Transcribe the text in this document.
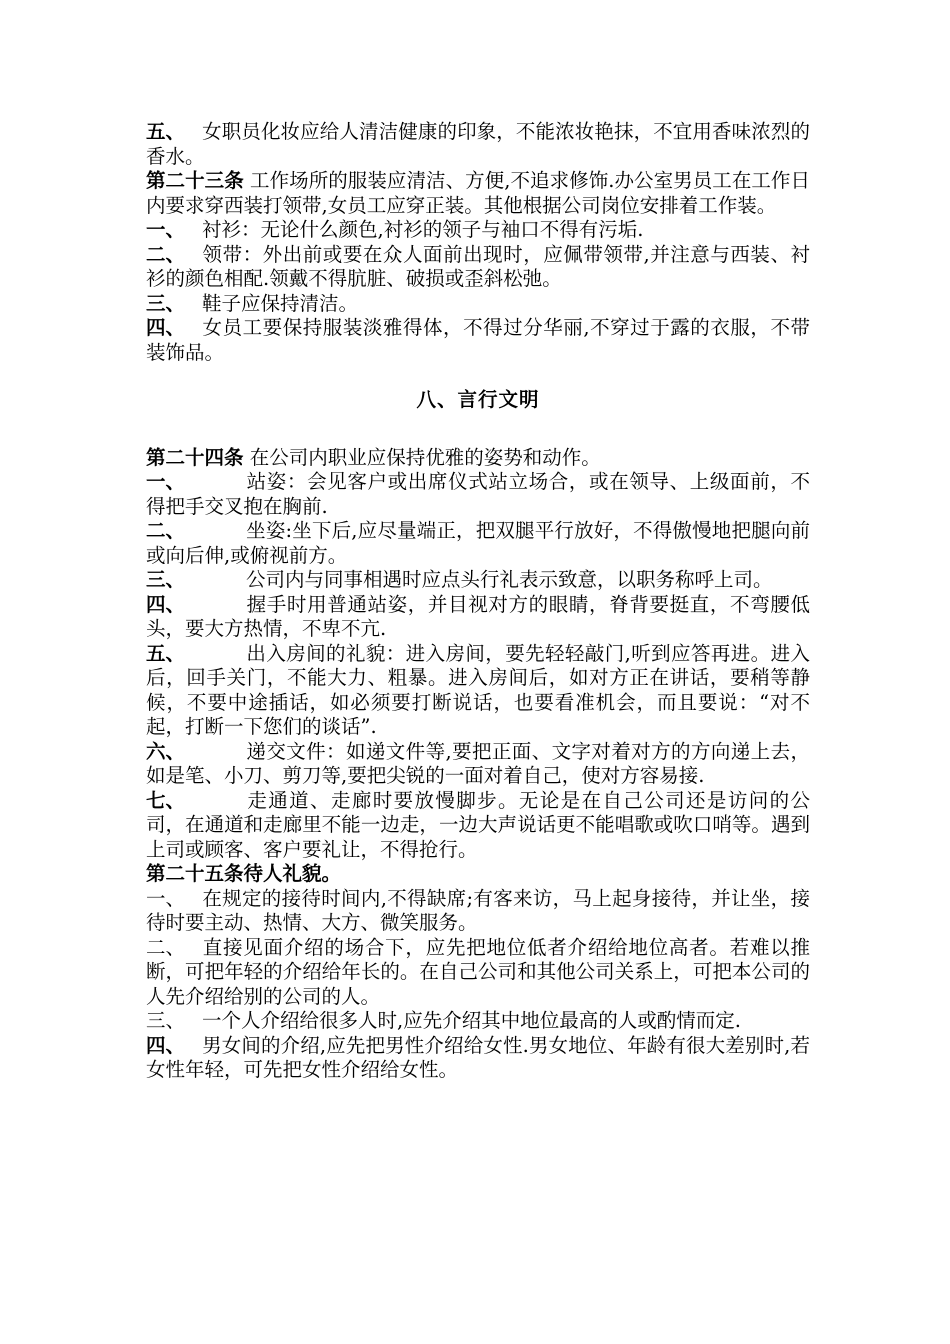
五、 女职员化妆应给人清洁健康的印象，不能浓妆艳抹，不宜用香味浓烈的香水。

第二十三条 工作场所的服装应清洁、方便,不追求修饰.办公室男员工在工作日内要求穿西装打领带,女员工应穿正装。其他根据公司岗位安排着工作装。

一、 衬衫：无论什么颜色,衬衫的领子与袖口不得有污垢.

二、 领带：外出前或要在众人面前出现时，应佩带领带,并注意与西装、衬衫的颜色相配.领戴不得肮脏、破损或歪斜松弛。

三、 鞋子应保持清洁。

四、 女员工要保持服装淡雅得体，不得过分华丽,不穿过于露的衣服，不带装饰品。

八、言行文明

第二十四条 在公司内职业应保持优雅的姿势和动作。

一、	站姿：会见客户或出席仪式站立场合，或在领导、上级面前，不得把手交叉抱在胸前.

二、	坐姿:坐下后,应尽量端正，把双腿平行放好，不得傲慢地把腿向前或向后伸,或俯视前方。

三、	公司内与同事相遇时应点头行礼表示致意，以职务称呼上司。

四、	握手时用普通站姿，并目视对方的眼睛，脊背要挺直，不弯腰低头，要大方热情，不卑不亢.

五、	出入房间的礼貌：进入房间，要先轻轻敲门,听到应答再进。进入后，回手关门，不能大力、粗暴。进入房间后，如对方正在讲话，要稍等静候，不要中途插话，如必须要打断说话，也要看准机会，而且要说：“对不起，打断一下您们的谈话”.

六、	递交文件：如递文件等,要把正面、文字对着对方的方向递上去，如是笔、小刀、剪刀等,要把尖锐的一面对着自己，使对方容易接.

七、	走通道、走廊时要放慢脚步。无论是在自己公司还是访问的公司，在通道和走廊里不能一边走，一边大声说话更不能唱歌或吹口哨等。遇到上司或顾客、客户要礼让，不得抢行。

第二十五条待人礼貌。

一、 在规定的接待时间内,不得缺席;有客来访，马上起身接待，并让坐，接待时要主动、热情、大方、微笑服务。

二、 直接见面介绍的场合下，应先把地位低者介绍给地位高者。若难以推断，可把年轻的介绍给年长的。在自己公司和其他公司关系上，可把本公司的人先介绍给别的公司的人。

三、 一个人介绍给很多人时,应先介绍其中地位最高的人或酌情而定.

四、 男女间的介绍,应先把男性介绍给女性.男女地位、年龄有很大差别时,若女性年轻，可先把女性介绍给女性。
